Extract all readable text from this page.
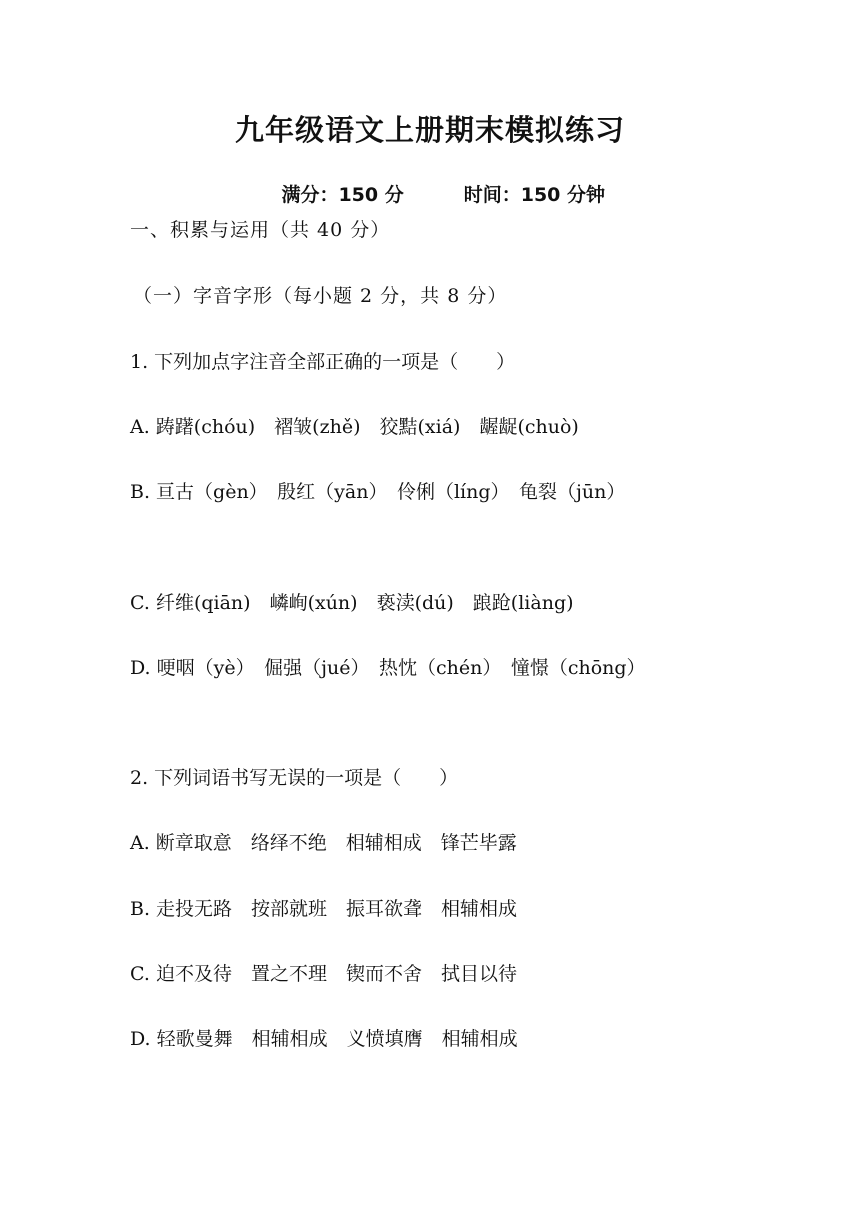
九年级语文上册期末模拟练习

满分：150 分	时间：150 分钟

一、积累与运用（共 40 分）
（一）字音字形（每小题 2 分，共 8 分）
1. 下列加点字注音全部正确的一项是（　　）
A. 踌躇(chóu)　褶皱(zhě)　狡黠(xiá)　龌龊(chuò)
B. 亘古（gèn）　殷红（yān）　伶俐（líng）　龟裂（jūn）
C. 纤维(qiān)　嶙峋(xún)　亵渎(dú)　踉跄(liàng)
D. 哽咽（yè）　倔强（jué）　热忱（chén）　憧憬（chōng）
2. 下列词语书写无误的一项是（　　）
A. 断章取意　络绎不绝　相辅相成　锋芒毕露
B. 走投无路　按部就班　振耳欲聋　相辅相成
C. 迫不及待　置之不理　锲而不舍　拭目以待
D. 轻歌曼舞　相辅相成　义愤填膺　相辅相成
